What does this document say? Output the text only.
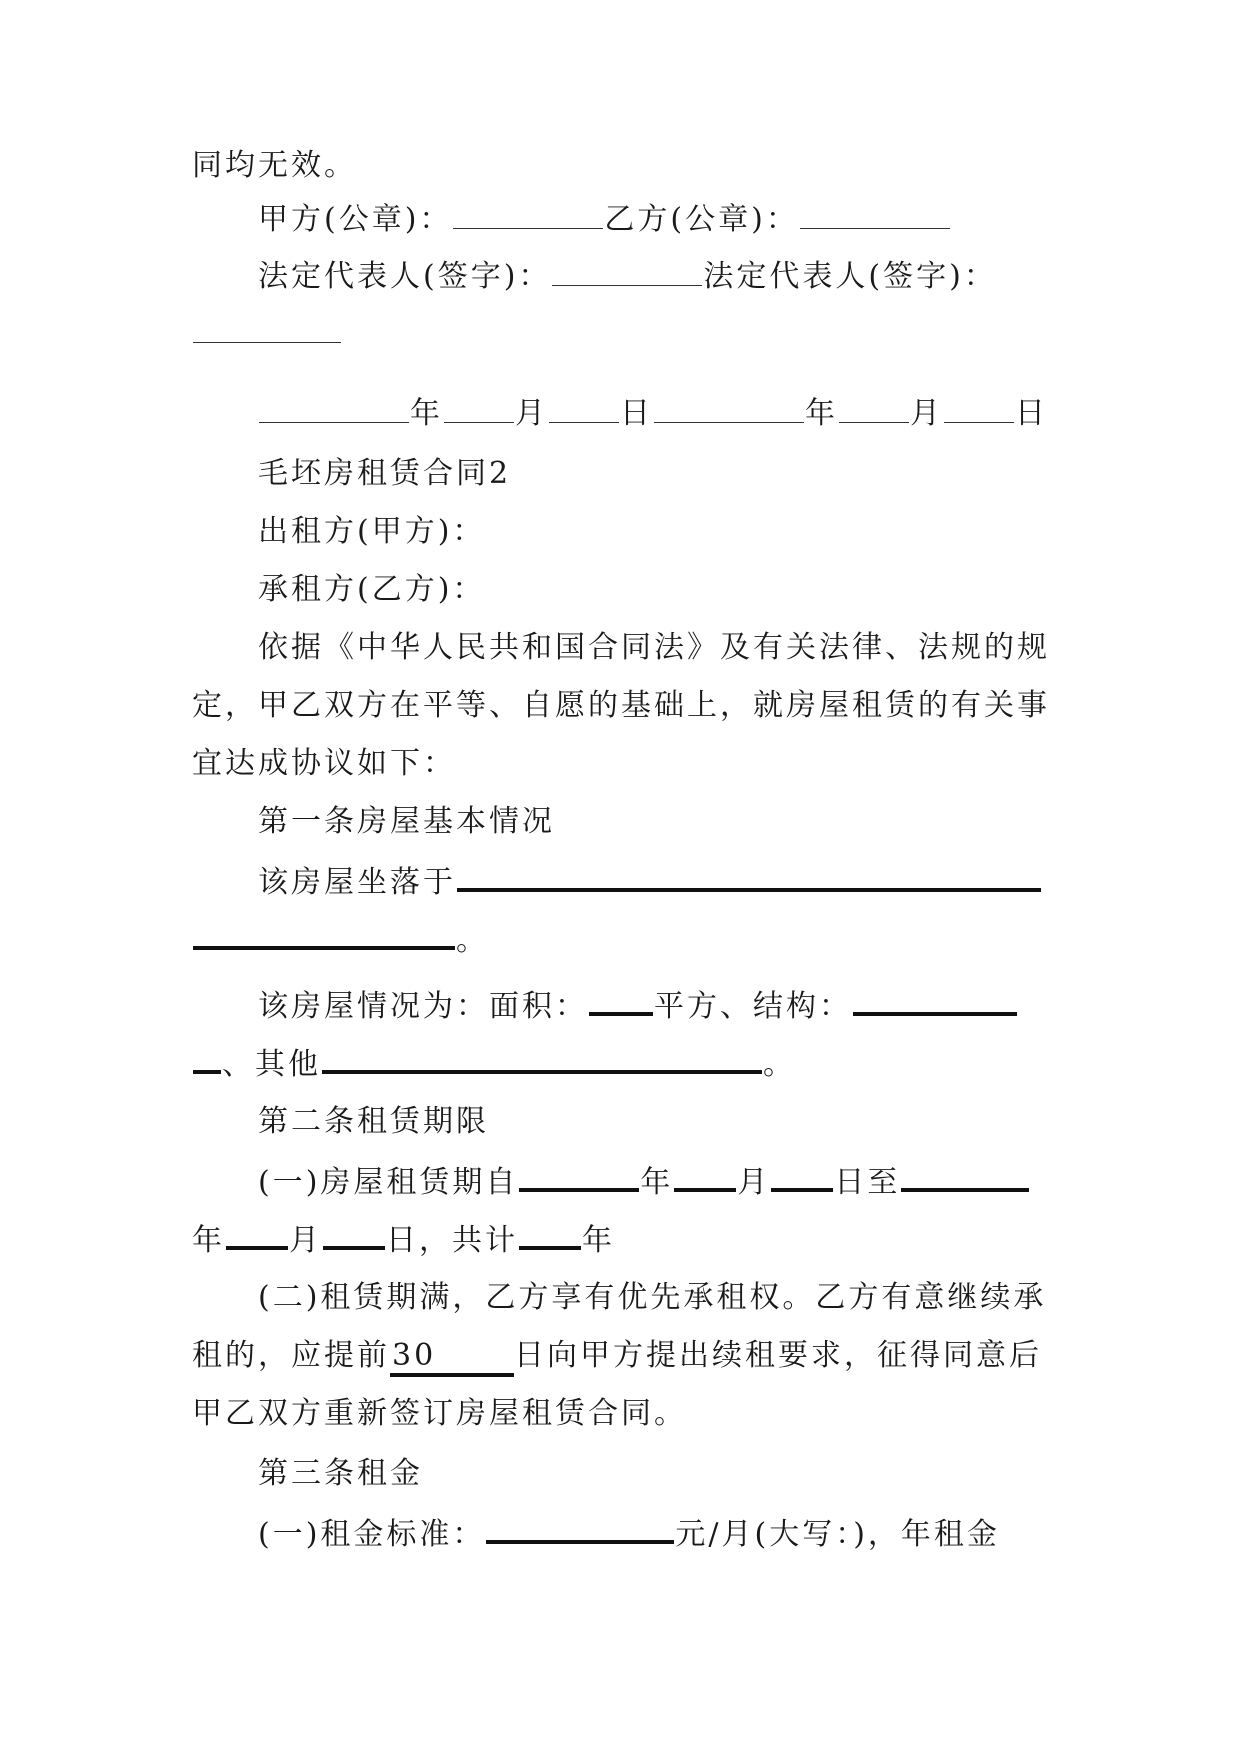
同均无效。
甲方(公章)：	乙方(公章)：
法定代表人(签字)：	法定代表人(签字)：
年 月 日	年 月 日
毛坯房租赁合同2
出租方(甲方)：
承租方(乙方)：
依据《中华人民共和国合同法》及有关法律、法规的规
定，甲乙双方在平等、自愿的基础上，就房屋租赁的有关事
宜达成协议如下：
第一条房屋基本情况
该房屋坐落于
。
该房屋情况为：面积： 平方、结构：
、其他	。
第二条租赁期限
(一)房屋租赁期自	年 月 日至
年 月 日，共计 年
(二)租赁期满，乙方享有优先承租权。乙方有意继续承
租的，应提前30	日向甲方提出续租要求，征得同意后
甲乙双方重新签订房屋租赁合同。
第三条租金
(一)租金标准：	元/月(大写：)，年租金
